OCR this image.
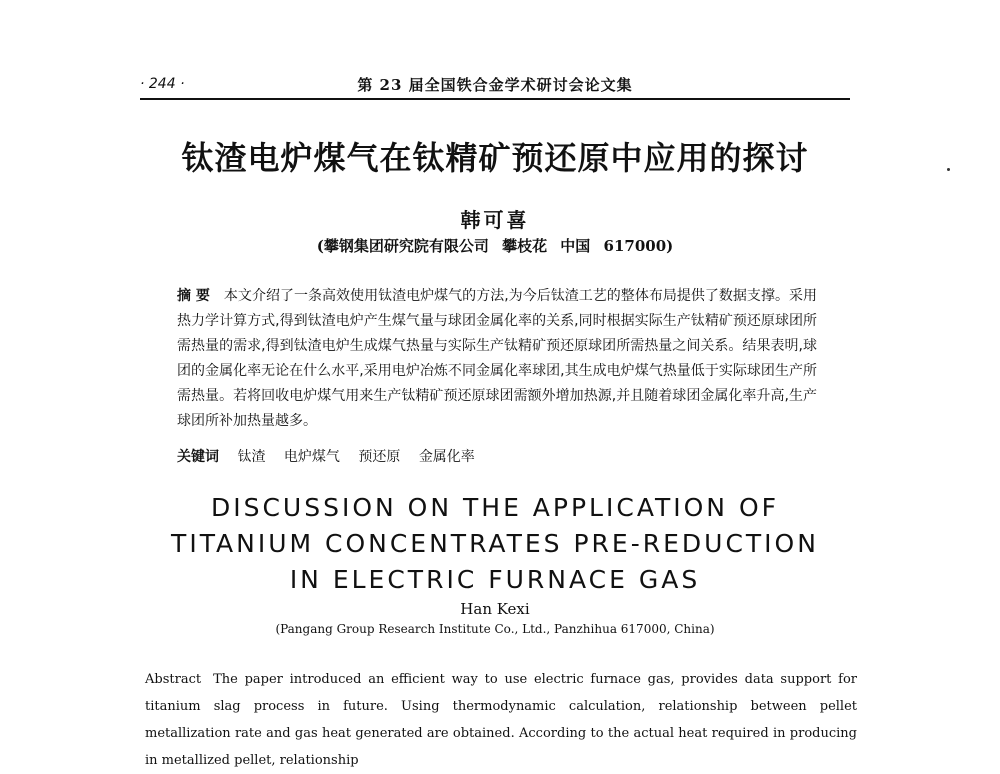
· 244 ·	第 23 届全国铁合金学术研讨会论文集
钛渣电炉煤气在钛精矿预还原中应用的探讨
韩可喜
(攀钢集团研究院有限公司 攀枝花 中国 617000)
摘 要 本文介绍了一条高效使用钛渣电炉煤气的方法,为今后钛渣工艺的整体布局提供了数据支撑。采用热力学计算方式,得到钛渣电炉产生煤气量与球团金属化率的关系,同时根据实际生产钛精矿预还原球团所需热量的需求,得到钛渣电炉生成煤气热量与实际生产钛精矿预还原球团所需热量之间关系。结果表明,球团的金属化率无论在什么水平,采用电炉冶炼不同金属化率球团,其生成电炉煤气热量低于实际球团生产所需热量。若将回收电炉煤气用来生产钛精矿预还原球团需额外增加热源,并且随着球团金属化率升高,生产球团所补加热量越多。
关键词 钛渣 电炉煤气 预还原 金属化率
DISCUSSION ON THE APPLICATION OF
TITANIUM CONCENTRATES PRE-REDUCTION
IN ELECTRIC FURNACE GAS
Han Kexi
(Pangang Group Research Institute Co., Ltd., Panzhihua 617000, China)
Abstract The paper introduced an efficient way to use electric furnace gas, provides data support for titanium slag process in future. Using thermodynamic calculation, relationship between pellet metallization rate and gas heat generated are obtained. According to the actual heat required in producing in metallized pellet, relationship
